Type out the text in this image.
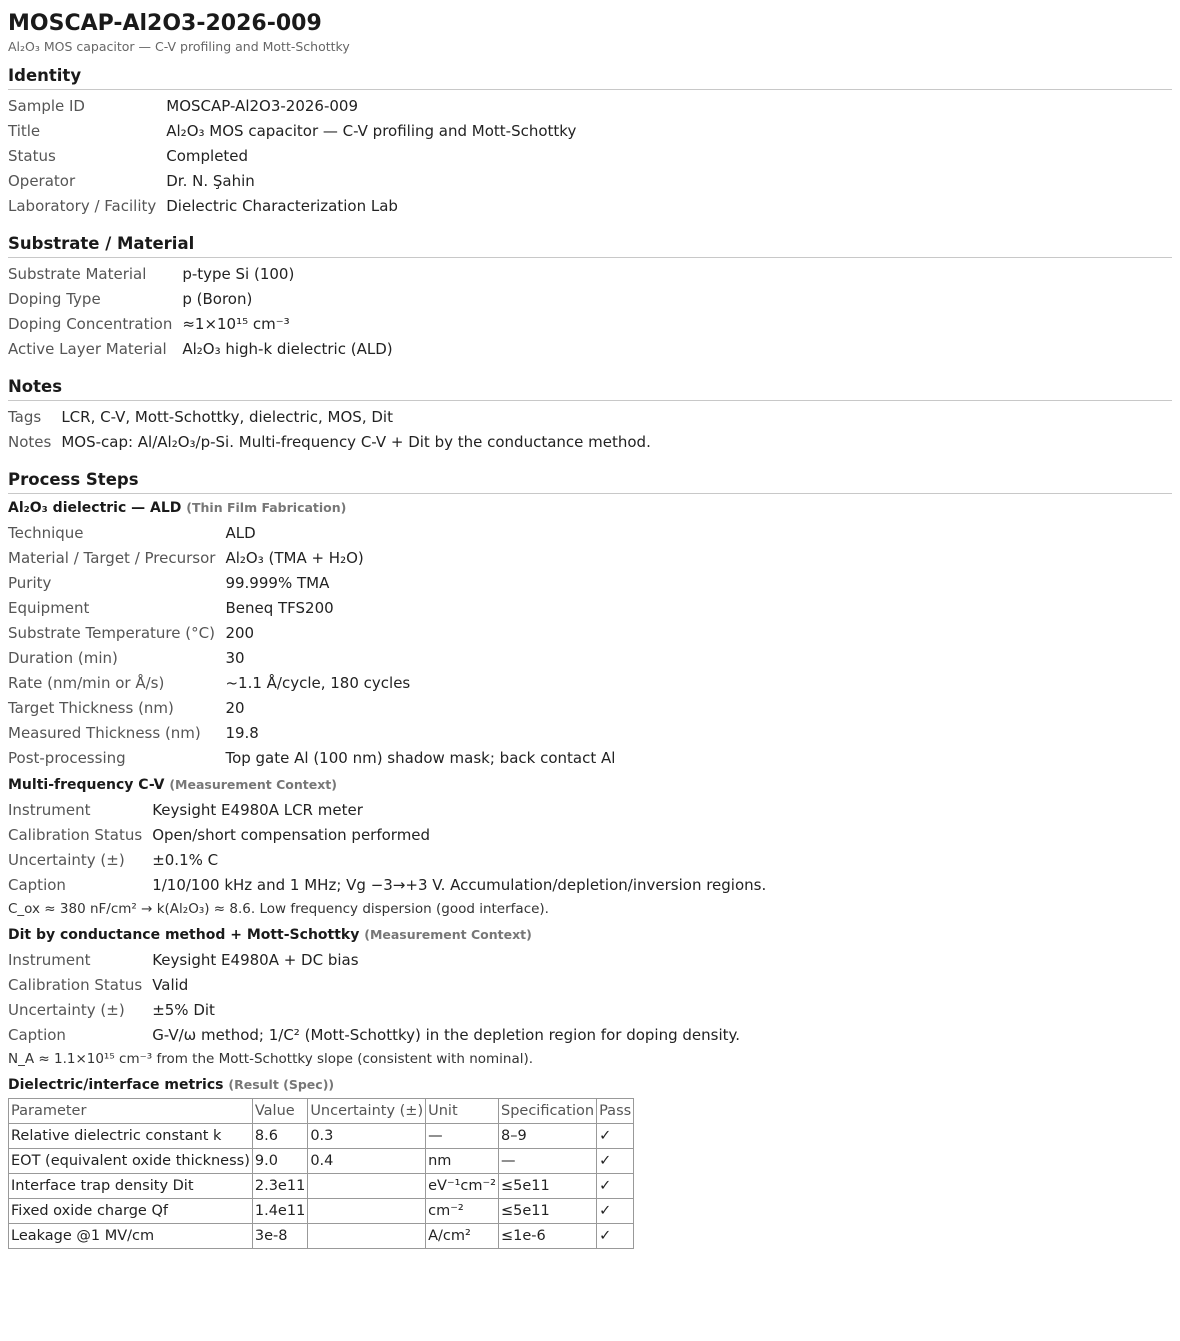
MOSCAP-Al2O3-2026-009
Al₂O₃ MOS capacitor — C-V profiling and Mott-Schottky
Identity
Sample ID	MOSCAP-Al2O3-2026-009
Title	Al₂O₃ MOS capacitor — C-V profiling and Mott-Schottky
Status	Completed
Operator	Dr. N. Şahin
Laboratory / Facility	Dielectric Characterization Lab
Substrate / Material
Substrate Material	p-type Si (100)
Doping Type	p (Boron)
Doping Concentration	≈1×10¹⁵ cm⁻³
Active Layer Material	Al₂O₃ high-k dielectric (ALD)
Notes
Tags	LCR, C-V, Mott-Schottky, dielectric, MOS, Dit
Notes	MOS-cap: Al/Al₂O₃/p-Si. Multi-frequency C-V + Dit by the conductance method.
Process Steps
Al₂O₃ dielectric — ALD (Thin Film Fabrication)
Technique	ALD
Material / Target / Precursor	Al₂O₃ (TMA + H₂O)
Purity	99.999% TMA
Equipment	Beneq TFS200
Substrate Temperature (°C)	200
Duration (min)	30
Rate (nm/min or Å/s)	~1.1 Å/cycle, 180 cycles
Target Thickness (nm)	20
Measured Thickness (nm)	19.8
Post-processing	Top gate Al (100 nm) shadow mask; back contact Al
Multi-frequency C-V (Measurement Context)
Instrument	Keysight E4980A LCR meter
Calibration Status	Open/short compensation performed
Uncertainty (±)	±0.1% C
Caption	1/10/100 kHz and 1 MHz; Vg −3→+3 V. Accumulation/depletion/inversion regions.
C_ox ≈ 380 nF/cm² → k(Al₂O₃) ≈ 8.6. Low frequency dispersion (good interface).
Dit by conductance method + Mott-Schottky (Measurement Context)
Instrument	Keysight E4980A + DC bias
Calibration Status	Valid
Uncertainty (±)	±5% Dit
Caption	G-V/ω method; 1/C² (Mott-Schottky) in the depletion region for doping density.
N_A ≈ 1.1×10¹⁵ cm⁻³ from the Mott-Schottky slope (consistent with nominal).
Dielectric/interface metrics (Result (Spec))
Parameter	Value	Uncertainty (±)	Unit	Specification	Pass
Relative dielectric constant k	8.6	0.3	—	8–9	✓
EOT (equivalent oxide thickness)	9.0	0.4	nm	—	✓
Interface trap density Dit	2.3e11		eV⁻¹cm⁻²	≤5e11	✓
Fixed oxide charge Qf	1.4e11		cm⁻²	≤5e11	✓
Leakage @1 MV/cm	3e-8		A/cm²	≤1e-6	✓
